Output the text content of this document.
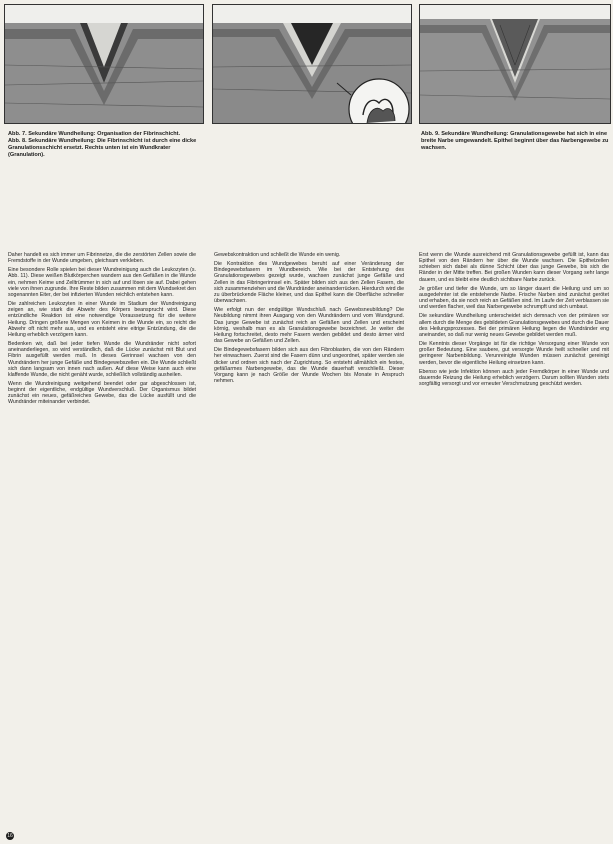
Abb. 7. Sekundäre Wundheilung: Organisation der Fibrinschicht.

Abb. 8. Sekundäre Wundheilung: Die Fibrinschicht ist durch eine dicke Granulationsschicht ersetzt. Rechts unten ist ein Wundkrater (Granulation).

Abb. 9. Sekundäre Wundheilung: Granulationsgewebe hat sich in eine breite Narbe umgewandelt. Epithel beginnt über das Narbengewebe zu wachsen.

Daher handelt es sich immer um Fibrinnetze, die die zerstörten Zellen sowie die Fremdstoffe in der Wunde umgeben, gleichsam verkleben.

Eine besondere Rolle spielen bei dieser Wundreinigung auch die Leukozyten (s. Abb. 11). Diese weißen Blutkörperchen wandern aus den Gefäßen in die Wunde ein, nehmen Keime und Zelltrümmer in sich auf und lösen sie auf. Dabei gehen viele von ihnen zugrunde. Ihre Reste bilden zusammen mit dem Wundsekret den sogenannten Eiter, der bei infizierten Wunden reichlich entstehen kann.

Die zahlreichen Leukozyten in einer Wunde im Stadium der Wundreinigung zeigen an, wie stark die Abwehr des Körpers beansprucht wird. Diese entzündliche Reaktion ist eine notwendige Voraussetzung für die weitere Heilung. Dringen größere Mengen von Keimen in die Wunde ein, so reicht die Abwehr oft nicht mehr aus, und es entsteht eine eitrige Entzündung, die die Heilung erheblich verzögern kann.

Bedenken wir, daß bei jeder tiefen Wunde die Wundränder nicht sofort aneinanderliegen, so wird verständlich, daß die Lücke zunächst mit Blut und Fibrin ausgefüllt werden muß. In dieses Gerinnsel wachsen von den Wundrändern her junge Gefäße und Bindegewebszellen ein. Die Wunde schließt sich dann langsam von innen nach außen. Auf diese Weise kann auch eine klaffende Wunde, die nicht genäht wurde, schließlich vollständig ausheilen.

Wenn die Wundreinigung weitgehend beendet oder gar abgeschlossen ist, beginnt der eigentliche, endgültige Wundverschluß. Der Organismus bildet zunächst ein neues, gefäßreiches Gewebe, das die Lücke ausfüllt und die Wundränder miteinander verbindet.

Gewebskontraktion und schließt die Wunde ein wenig.

Die Kontraktion des Wundgewebes beruht auf einer Veränderung der Bindegewebsfasern im Wundbereich. Wie bei der Entstehung des Granulationsgewebes gezeigt wurde, wachsen zunächst junge Gefäße und Zellen in das Fibringerinnsel ein. Später bilden sich aus den Zellen Fasern, die sich zusammenziehen und die Wundränder aneinanderrücken. Hierdurch wird die zu überbrückende Fläche kleiner, und das Epithel kann die Oberfläche schneller überwachsen.

Wie erfolgt nun der endgültige Wundschluß nach Gewebsneubildung? Die Neubildung nimmt ihren Ausgang von den Wundrändern und vom Wundgrund. Das junge Gewebe ist zunächst reich an Gefäßen und Zellen und erscheint körnig, weshalb man es als Granulationsgewebe bezeichnet. Je weiter die Heilung fortschreitet, desto mehr Fasern werden gebildet und desto ärmer wird das Gewebe an Gefäßen und Zellen.

Die Bindegewebsfasern bilden sich aus den Fibroblasten, die von den Rändern her einwachsen. Zuerst sind die Fasern dünn und ungeordnet, später werden sie dicker und ordnen sich nach der Zugrichtung. So entsteht allmählich ein festes, gefäßarmes Narbengewebe, das die Wunde dauerhaft verschließt. Dieser Vorgang kann je nach Größe der Wunde Wochen bis Monate in Anspruch nehmen.

Erst wenn die Wunde ausreichend mit Granulationsgewebe gefüllt ist, kann das Epithel von den Rändern her über die Wunde wachsen. Die Epithelzellen schieben sich dabei als dünne Schicht über das junge Gewebe, bis sich die Ränder in der Mitte treffen. Bei großen Wunden kann dieser Vorgang sehr lange dauern, und es bleibt eine deutlich sichtbare Narbe zurück.

Je größer und tiefer die Wunde, um so länger dauert die Heilung und um so ausgedehnter ist die entstehende Narbe. Frische Narben sind zunächst gerötet und erhaben, da sie noch reich an Gefäßen sind. Im Laufe der Zeit verblassen sie und werden flacher, weil das Narbengewebe schrumpft und sich umbaut.

Die sekundäre Wundheilung unterscheidet sich demnach von der primären vor allem durch die Menge des gebildeten Granulationsgewebes und durch die Dauer des Heilungsprozesses. Bei der primären Heilung liegen die Wundränder eng aneinander, so daß nur wenig neues Gewebe gebildet werden muß.

Die Kenntnis dieser Vorgänge ist für die richtige Versorgung einer Wunde von großer Bedeutung. Eine saubere, gut versorgte Wunde heilt schneller und mit geringerer Narbenbildung. Verunreinigte Wunden müssen zunächst gereinigt werden, bevor die eigentliche Heilung einsetzen kann.

Ebenso wie jede Infektion können auch jeder Fremdkörper in einer Wunde und dauernde Reizung die Heilung erheblich verzögern. Darum sollten Wunden stets sorgfältig versorgt und vor erneuter Verschmutzung geschützt werden.

16
